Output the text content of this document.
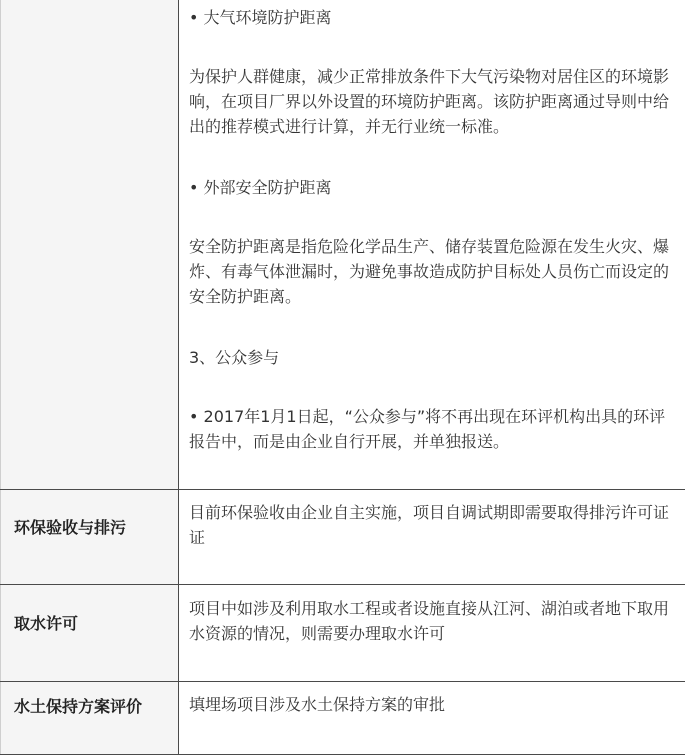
• 大气环境防护距离
为保护人群健康，减少正常排放条件下大气污染物对居住区的环境影响，在项目厂界以外设置的环境防护距离。该防护距离通过导则中给出的推荐模式进行计算，并无行业统一标准。
• 外部安全防护距离
安全防护距离是指危险化学品生产、储存装置危险源在发生火灾、爆炸、有毒气体泄漏时，为避免事故造成防护目标处人员伤亡而设定的安全防护距离。
3、公众参与
• 2017年1月1日起，“公众参与”将不再出现在环评机构出具的环评报告中，而是由企业自行开展，并单独报送。
环保验收与排污
目前环保验收由企业自主实施，项目自调试期即需要取得排污许可证证
取水许可
项目中如涉及利用取水工程或者设施直接从江河、湖泊或者地下取用水资源的情况，则需要办理取水许可
水土保持方案评价	填埋场项目涉及水土保持方案的审批
